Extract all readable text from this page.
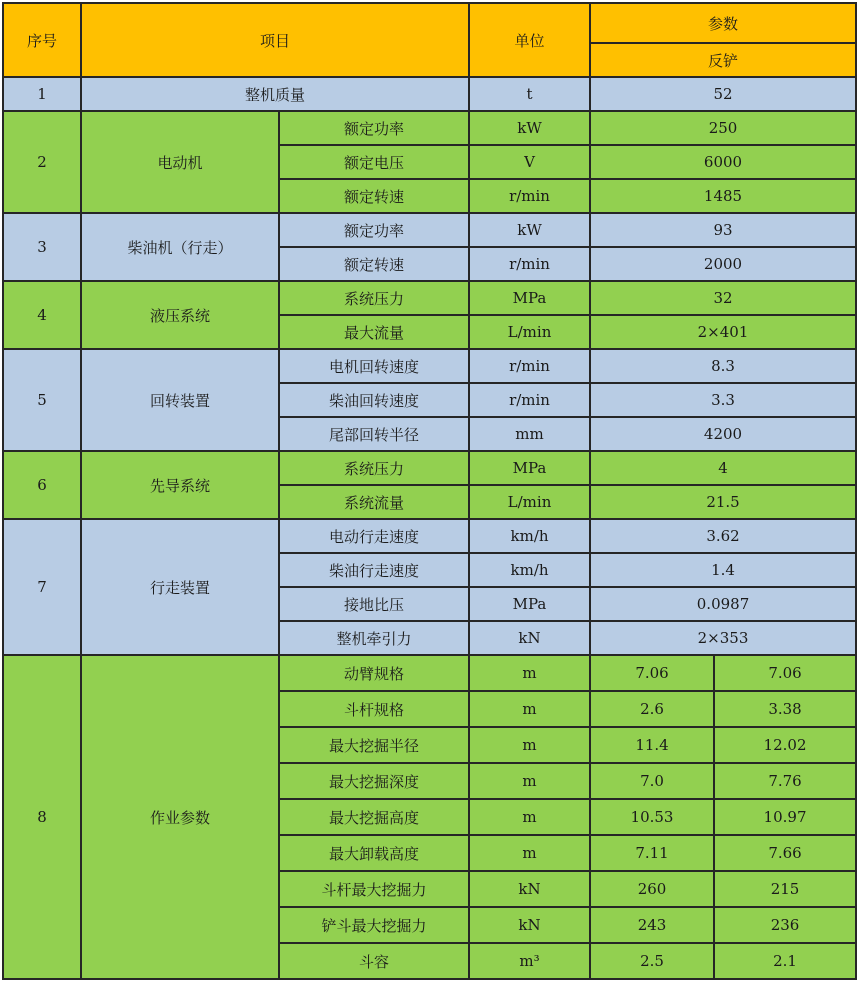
序号	项目		单位	参数	
				反铲	
1	整机质量		t	52	
2	电动机	额定功率	kW	250	
		额定电压	V	6000	
		额定转速	r/min	1485	
3	柴油机（行走）	额定功率	kW	93	
		额定转速	r/min	2000	
4	液压系统	系统压力	MPa	32	
		最大流量	L/min	2×401	
5	回转装置	电机回转速度	r/min	8.3	
		柴油回转速度	r/min	3.3	
		尾部回转半径	mm	4200	
6	先导系统	系统压力	MPa	4	
		系统流量	L/min	21.5	
7	行走装置	电动行走速度	km/h	3.62	
		柴油行走速度	km/h	1.4	
		接地比压	MPa	0.0987	
		整机牵引力	kN	2×353	
8	作业参数	动臂规格	m	7.06	7.06
		斗杆规格	m	2.6	3.38
		最大挖掘半径	m	11.4	12.02
		最大挖掘深度	m	7.0	7.76
		最大挖掘高度	m	10.53	10.97
		最大卸载高度	m	7.11	7.66
		斗杆最大挖掘力	kN	260	215
		铲斗最大挖掘力	kN	243	236
		斗容	m³	2.5	2.1
